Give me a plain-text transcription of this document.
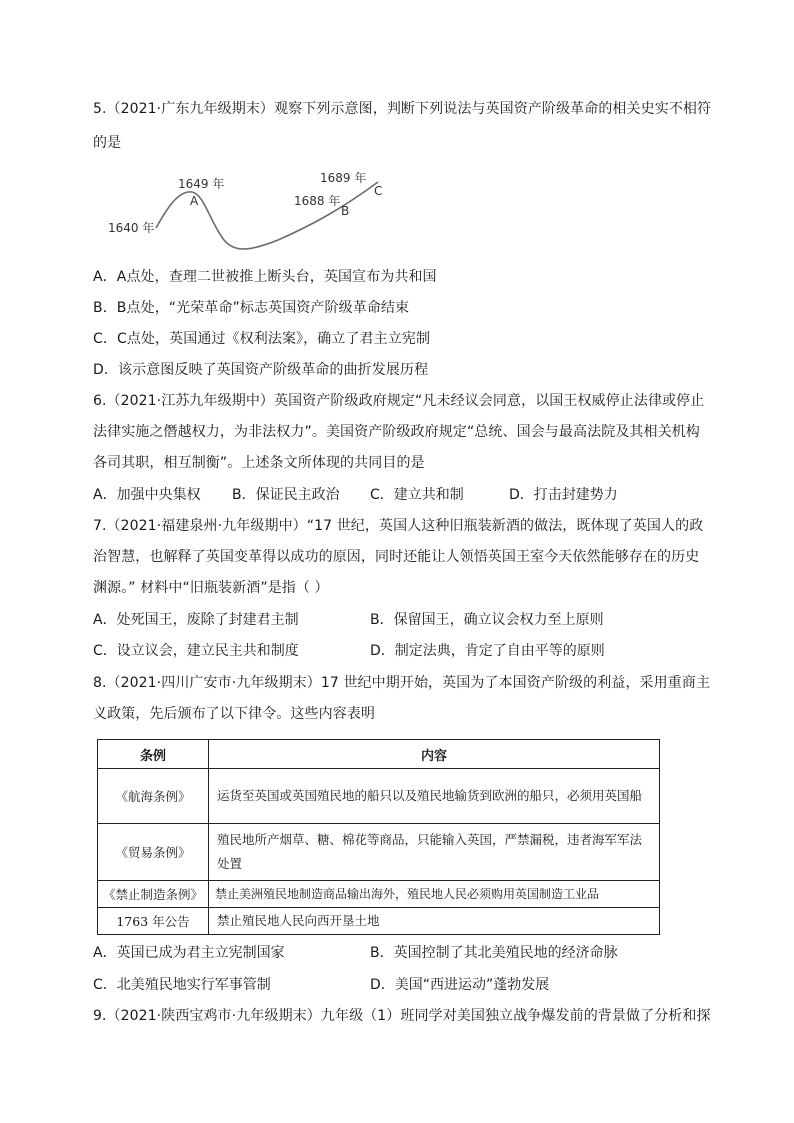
5.（2021·广东九年级期末）观察下列示意图，判断下列说法与英国资产阶级革命的相关史实不相符
的是
1640 年
1649 年
A	1688 年
B
1689 年
C
A．A点处，查理二世被推上断头台，英国宣布为共和国
B．B点处，“光荣革命”标志英国资产阶级革命结束
C．C点处，英国通过《权利法案》，确立了君主立宪制
D．该示意图反映了英国资产阶级革命的曲折发展历程
6.（2021·江苏九年级期中）英国资产阶级政府规定“凡未经议会同意，以国王权威停止法律或停止
法律实施之僭越权力，为非法权力”。美国资产阶级政府规定“总统、国会与最高法院及其相关机构
各司其职，相互制衡”。上述条文所体现的共同目的是
A．加强中央集权 B．保证民主政治 C．建立共和制	D．打击封建势力
7.（2021·福建泉州·九年级期中）“17 世纪，英国人这种旧瓶装新酒的做法，既体现了英国人的政
治智慧，也解释了英国变革得以成功的原因，同时还能让人领悟英国王室今天依然能够存在的历史
渊源。” 材料中“旧瓶装新酒”是指（ ）
A．处死国王，废除了封建君主制	B．保留国王，确立议会权力至上原则
C．设立议会，建立民主共和制度	D．制定法典，肯定了自由平等的原则
8.（2021·四川广安市·九年级期末）17 世纪中期开始，英国为了本国资产阶级的利益，采用重商主
义政策，先后颁布了以下律令。这些内容表明
条例	内容
《航海条例》	运货至英国或英国殖民地的船只以及殖民地输货到欧洲的船只，必须用英国船
《贸易条例》	殖民地所产烟草、糖、棉花等商品，只能输入英国，严禁漏税，违者海军军法处置
《禁止制造条例》	禁止美洲殖民地制造商品输出海外，殖民地人民必须购用英国制造工业品
1763 年公告	禁止殖民地人民向西开垦土地
A．英国已成为君主立宪制国家	B．英国控制了其北美殖民地的经济命脉
C．北美殖民地实行军事管制	D．美国“西进运动”蓬勃发展
9.（2021·陕西宝鸡市·九年级期末）九年级（1）班同学对美国独立战争爆发前的背景做了分析和探
